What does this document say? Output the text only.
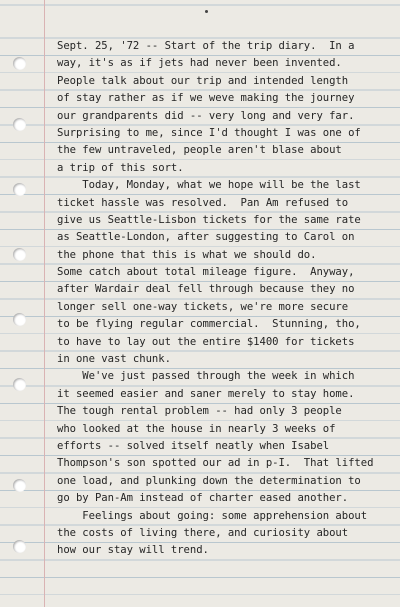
Sept. 25, '72 -- Start of the trip diary.  In a
way, it's as if jets had never been invented.
People talk about our trip and intended length
of stay rather as if we weve making the journey
our grandparents did -- very long and very far.
Surprising to me, since I'd thought I was one of
the few untraveled, people aren't blase about
a trip of this sort.
Today, Monday, what we hope will be the last
ticket hassle was resolved.  Pan Am refused to
give us Seattle-Lisbon tickets for the same rate
as Seattle-London, after suggesting to Carol on
the phone that this is what we should do.
Some catch about total mileage figure.  Anyway,
after Wardair deal fell through because they no
longer sell one-way tickets, we're more secure
to be flying regular commercial.  Stunning, tho,
to have to lay out the entire $1400 for tickets
in one vast chunk.
We've just passed through the week in which
it seemed easier and saner merely to stay home.
The tough rental problem -- had only 3 people
who looked at the house in nearly 3 weeks of
efforts -- solved itself neatly when Isabel
Thompson's son spotted our ad in p-I.  That lifted
one load, and plunking down the determination to
go by Pan-Am instead of charter eased another.
Feelings about going: some apprehension about
the costs of living there, and curiosity about
how our stay will trend.
